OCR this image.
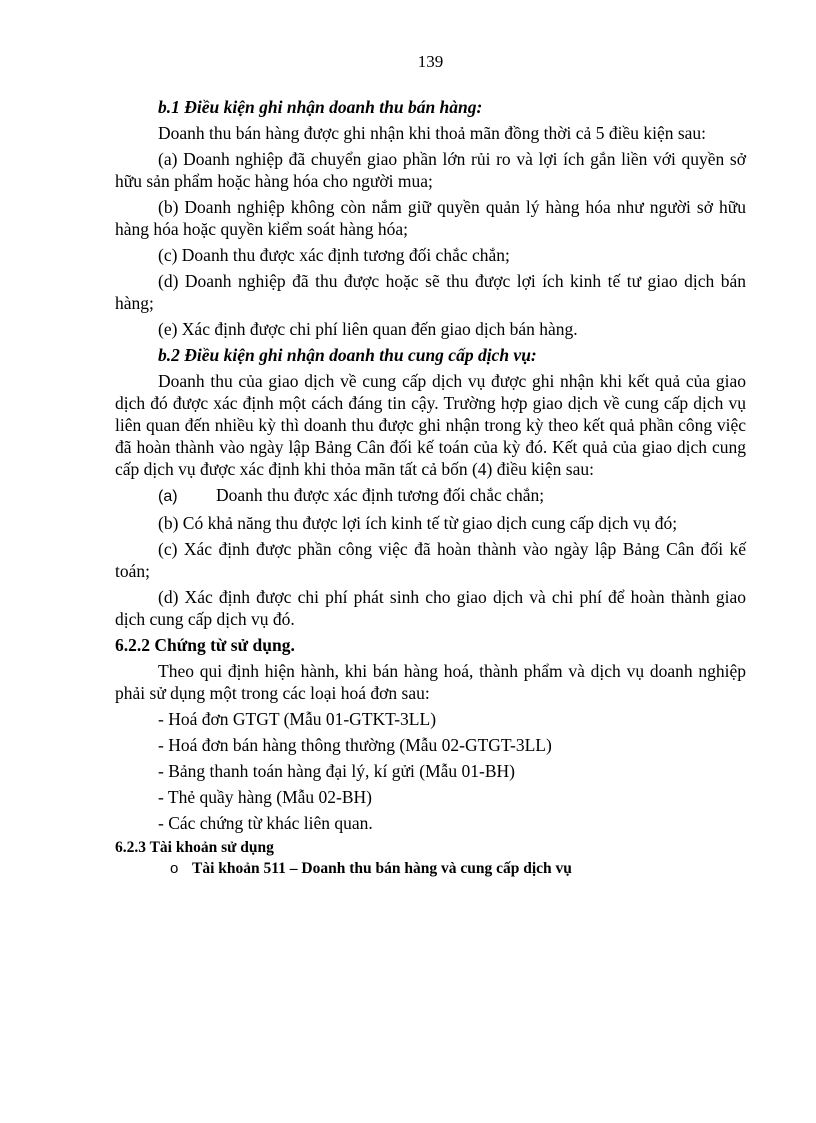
139

b.1 Điều kiện ghi nhận doanh thu bán hàng:

Doanh thu bán hàng được ghi nhận khi thoả mãn đồng thời cả 5 điều kiện sau:

(a) Doanh nghiệp đã chuyển giao phần lớn rủi ro và lợi ích gắn liền với quyền sở hữu sản phẩm hoặc hàng hóa cho người mua;

(b) Doanh nghiệp không còn nắm giữ quyền quản lý hàng hóa như người sở hữu hàng hóa hoặc quyền kiểm soát hàng hóa;

(c) Doanh thu được xác định tương đối chắc chắn;

(d) Doanh nghiệp đã thu được hoặc sẽ thu được lợi ích kinh tế tư giao dịch bán hàng;

(e) Xác định được chi phí liên quan đến giao dịch bán hàng.

b.2 Điều kiện ghi nhận doanh thu cung cấp dịch vụ:

Doanh thu của giao dịch về cung cấp dịch vụ được ghi nhận khi kết quả của giao dịch đó được xác định một cách đáng tin cậy. Trường hợp giao dịch về cung cấp dịch vụ liên quan đến nhiều kỳ thì doanh thu được ghi nhận trong kỳ theo kết quả phần công việc đã hoàn thành vào ngày lập Bảng Cân đối kế toán của kỳ đó. Kết quả của giao dịch cung cấp dịch vụ được xác định khi thỏa mãn tất cả bốn (4) điều kiện sau:

(a) Doanh thu được xác định tương đối chắc chắn;

(b) Có khả năng thu được lợi ích kinh tế từ giao dịch cung cấp dịch vụ đó;

(c) Xác định được phần công việc đã hoàn thành vào ngày lập Bảng Cân đối kế toán;

(d) Xác định được chi phí phát sinh cho giao dịch và chi phí để hoàn thành giao dịch cung cấp dịch vụ đó.

6.2.2 Chứng từ sử dụng.

Theo qui định hiện hành, khi bán hàng hoá, thành phẩm và dịch vụ doanh nghiệp phải sử dụng một trong các loại hoá đơn sau:

- Hoá đơn GTGT (Mẫu 01-GTKT-3LL)

- Hoá đơn bán hàng thông thường (Mẫu 02-GTGT-3LL)

- Bảng thanh toán hàng đại lý, kí gửi (Mẫu 01-BH)

- Thẻ quầy hàng (Mẫu 02-BH)

- Các chứng từ khác liên quan.

6.2.3 Tài khoản sử dụng

o Tài khoản 511 – Doanh thu bán hàng và cung cấp dịch vụ
